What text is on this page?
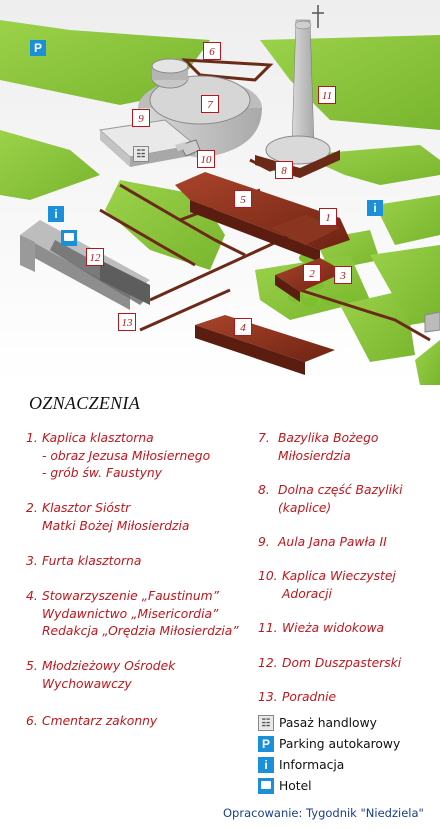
6
7
11
9
10
8
5
1
2	3
4
12
13
P
☷
i	i
OZNACZENIA
1. Kaplica klasztorna
- obraz Jezusa Miłosiernego
- grób św. Faustyny
2. Klasztor Sióstr
Matki Bożej Miłosierdzia
3. Furta klasztorna
4. Stowarzyszenie „Faustinum”
Wydawnictwo „Misericordia”
Redakcja „Orędzia Miłosierdzia”
5. Młodzieżowy Ośrodek
Wychowawczy
6. Cmentarz zakonny
7. Bazylika Bożego
Miłosierdzia
8. Dolna część Bazyliki
(kaplice)
9. Aula Jana Pawła II
10. Kaplica Wieczystej
Adoracji
11. Wieża widokowa
12. Dom Duszpasterski
13. Poradnie
☷ Pasaż handlowy
P Parking autokarowy
i Informacja
Hotel
Opracowanie: Tygodnik "Niedziela"
